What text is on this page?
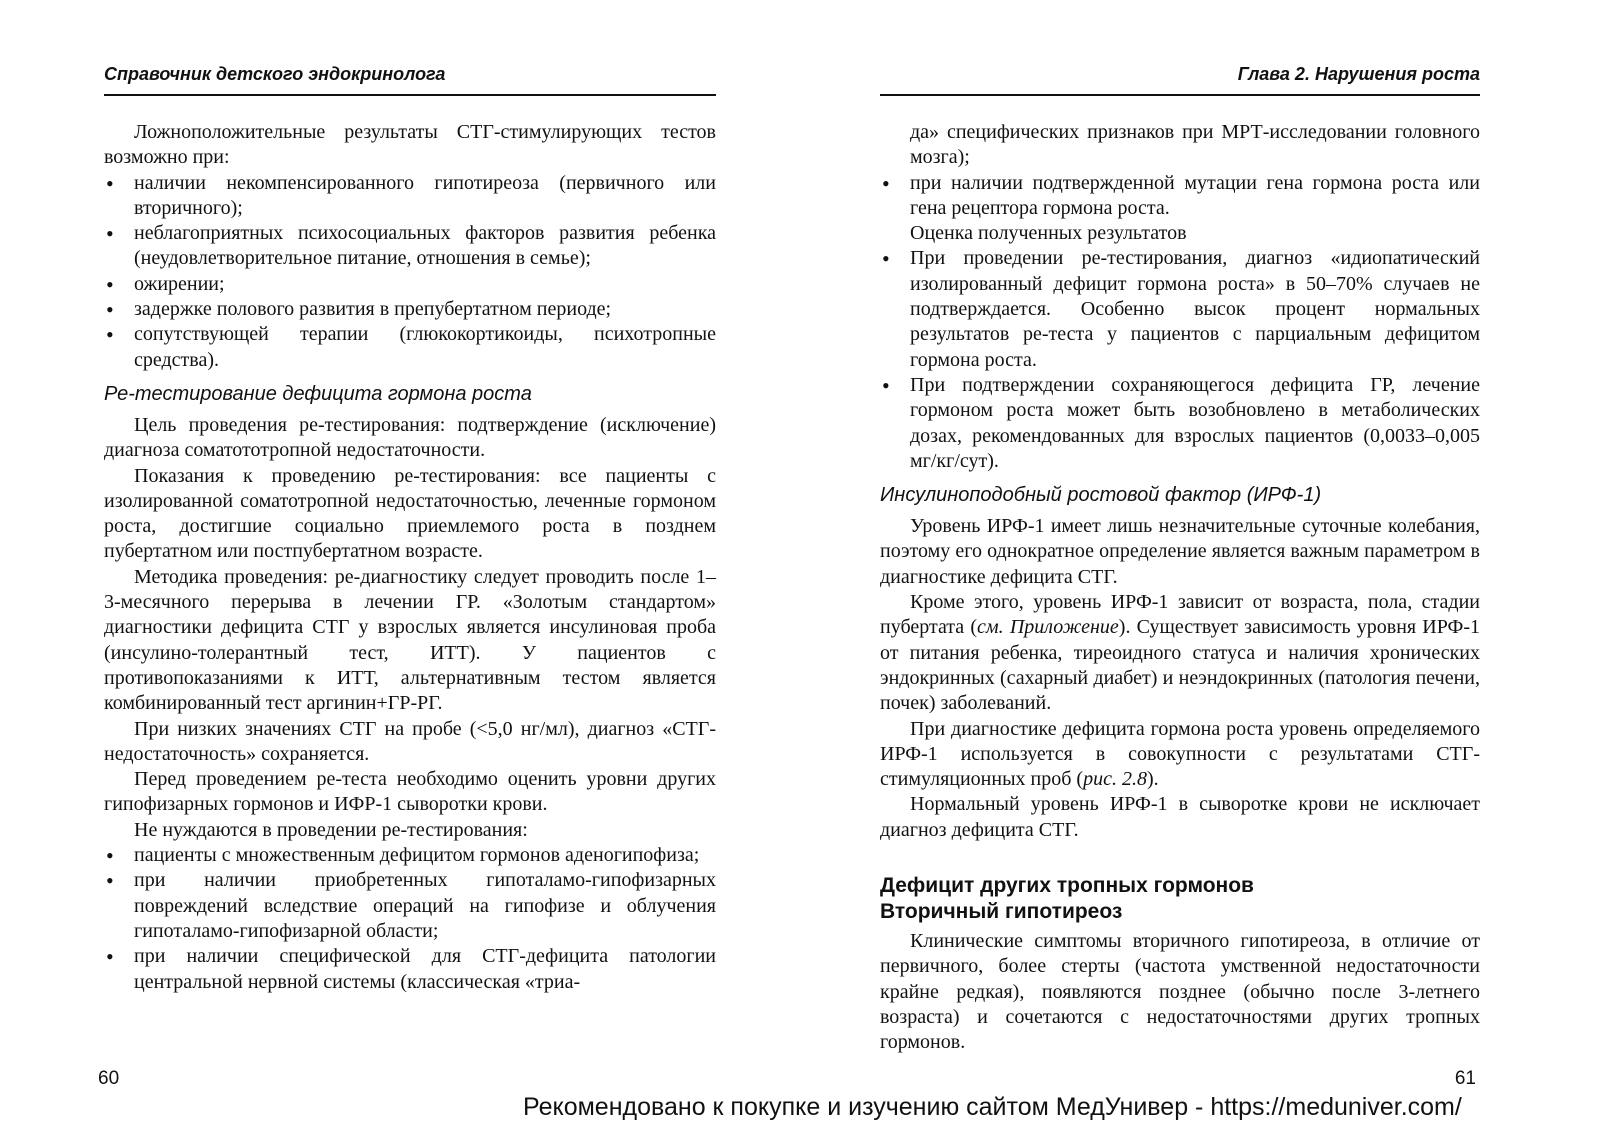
Справочник детского эндокринолога

Ложноположительные результаты СТГ-стимулирующих тестов возможно при:

• наличии некомпенсированного гипотиреоза (первичного или вторичного);
• неблагоприятных психосоциальных факторов развития ребенка (неудовлетворительное питание, отношения в семье);
• ожирении;
• задержке полового развития в препубертатном периоде;
• сопутствующей терапии (глюкокортикоиды, психотропные средства).
Ре-тестирование дефицита гормона роста

Цель проведения ре-тестирования: подтверждение (исключение) диагноза соматототропной недостаточности.

Показания к проведению ре-тестирования: все пациенты с изолированной соматотропной недостаточностью, леченные гормоном роста, достигшие социально приемлемого роста в позднем пубертатном или постпубертатном возрасте.

Методика проведения: ре-диагностику следует проводить после 1–3-месячного перерыва в лечении ГР. «Золотым стандартом» диагностики дефицита СТГ у взрослых является инсулиновая проба (инсулино-толерантный тест, ИТТ). У пациентов с противопоказаниями к ИТТ, альтернативным тестом является комбинированный тест аргинин+ГР-РГ.

При низких значениях СТГ на пробе (<5,0 нг/мл), диагноз «СТГ-недостаточность» сохраняется.

Перед проведением ре-теста необходимо оценить уровни других гипофизарных гормонов и ИФР-1 сыворотки крови.

Не нуждаются в проведении ре-тестирования:

• пациенты с множественным дефицитом гормонов аденогипофиза;
• при наличии приобретенных гипоталамо-гипофизарных повреждений вследствие операций на гипофизе и облучения гипоталамо-гипофизарной области;
• при наличии специфической для СТГ-дефицита патологии центральной нервной системы (классическая «триа-
60
Глава 2. Нарушения роста

да» специфических признаков при МРТ-исследовании головного мозга);

• при наличии подтвержденной мутации гена гормона роста или гена рецептора гормона роста.

Оценка полученных результатов

• При проведении ре-тестирования, диагноз «идиопатический изолированный дефицит гормона роста» в 50–70% случаев не подтверждается. Особенно высок процент нормальных результатов ре-теста у пациентов с парциальным дефицитом гормона роста.
• При подтверждении сохраняющегося дефицита ГР, лечение гормоном роста может быть возобновлено в метаболических дозах, рекомендованных для взрослых пациентов (0,0033–0,005 мг/кг/сут).
Инсулиноподобный ростовой фактор (ИРФ-1)

Уровень ИРФ-1 имеет лишь незначительные суточные колебания, поэтому его однократное определение является важным параметром в диагностике дефицита СТГ.

Кроме этого, уровень ИРФ-1 зависит от возраста, пола, стадии пубертата (см. Приложение). Существует зависимость уровня ИРФ-1 от питания ребенка, тиреоидного статуса и наличия хронических эндокринных (сахарный диабет) и неэндокринных (патология печени, почек) заболеваний.

При диагностике дефицита гормона роста уровень определяемого ИРФ-1 используется в совокупности с результатами СТГ-стимуляционных проб (рис. 2.8).

Нормальный уровень ИРФ-1 в сыворотке крови не исключает диагноз дефицита СТГ.

Дефицит других тропных гормонов
Вторичный гипотиреоз

Клинические симптомы вторичного гипотиреоза, в отличие от первичного, более стерты (частота умственной недостаточности крайне редкая), появляются позднее (обычно после 3-летнего возраста) и сочетаются с недостаточностями других тропных гормонов.

61
Рекомендовано к покупке и изучению сайтом МедУнивер - https://meduniver.com/
